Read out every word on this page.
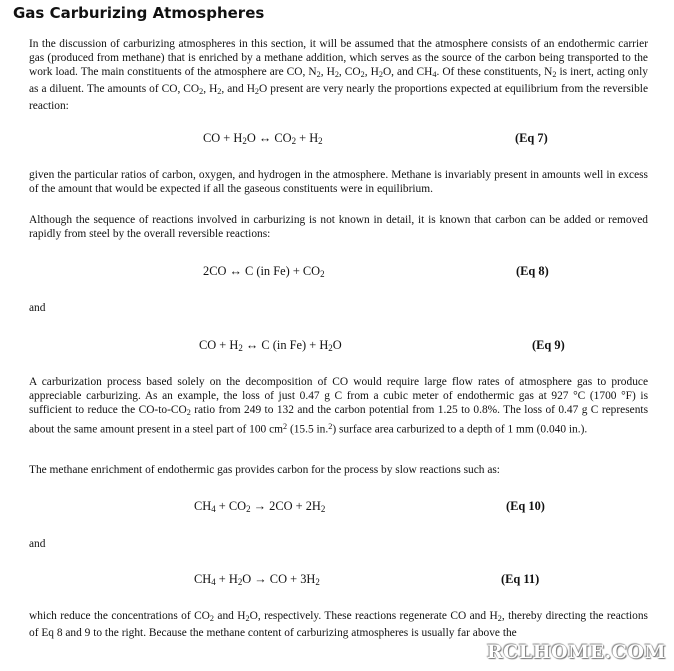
Gas Carburizing Atmospheres

In the discussion of carburizing atmospheres in this section, it will be assumed that the atmosphere consists of an endothermic carrier gas (produced from methane) that is enriched by a methane addition, which serves as the source of the carbon being transported to the work load. The main constituents of the atmosphere are CO, N2, H2, CO2, H2O, and CH4. Of these constituents, N2 is inert, acting only as a diluent. The amounts of CO, CO2, H2, and H2O present are very nearly the proportions expected at equilibrium from the reversible reaction:

CO + H2O ↔ CO2 + H2	(Eq 7)

given the particular ratios of carbon, oxygen, and hydrogen in the atmosphere. Methane is invariably present in amounts well in excess of the amount that would be expected if all the gaseous constituents were in equilibrium.

Although the sequence of reactions involved in carburizing is not known in detail, it is known that carbon can be added or removed rapidly from steel by the overall reversible reactions:

2CO ↔ C (in Fe) + CO2	(Eq 8)

and

CO + H2 ↔ C (in Fe) + H2O	(Eq 9)

A carburization process based solely on the decomposition of CO would require large flow rates of atmosphere gas to produce appreciable carburizing. As an example, the loss of just 0.47 g C from a cubic meter of endothermic gas at 927 °C (1700 °F) is sufficient to reduce the CO-to-CO2 ratio from 249 to 132 and the carbon potential from 1.25 to 0.8%. The loss of 0.47 g C represents about the same amount present in a steel part of 100 $cm^2$ (15.5 in.$^2$) surface area carburized to a depth of 1 mm (0.040 in.).

The methane enrichment of endothermic gas provides carbon for the process by slow reactions such as:

CH4 + CO2 → 2CO + 2H2	(Eq 10)

and

CH4 + H2O → CO + 3H2	(Eq 11)

which reduce the concentrations of CO2 and H2O, respectively. These reactions regenerate CO and H2, thereby directing the reactions of Eq 8 and 9 to the right. Because the methane content of carburizing atmospheres is usually far above the

RCLHOME.COM
